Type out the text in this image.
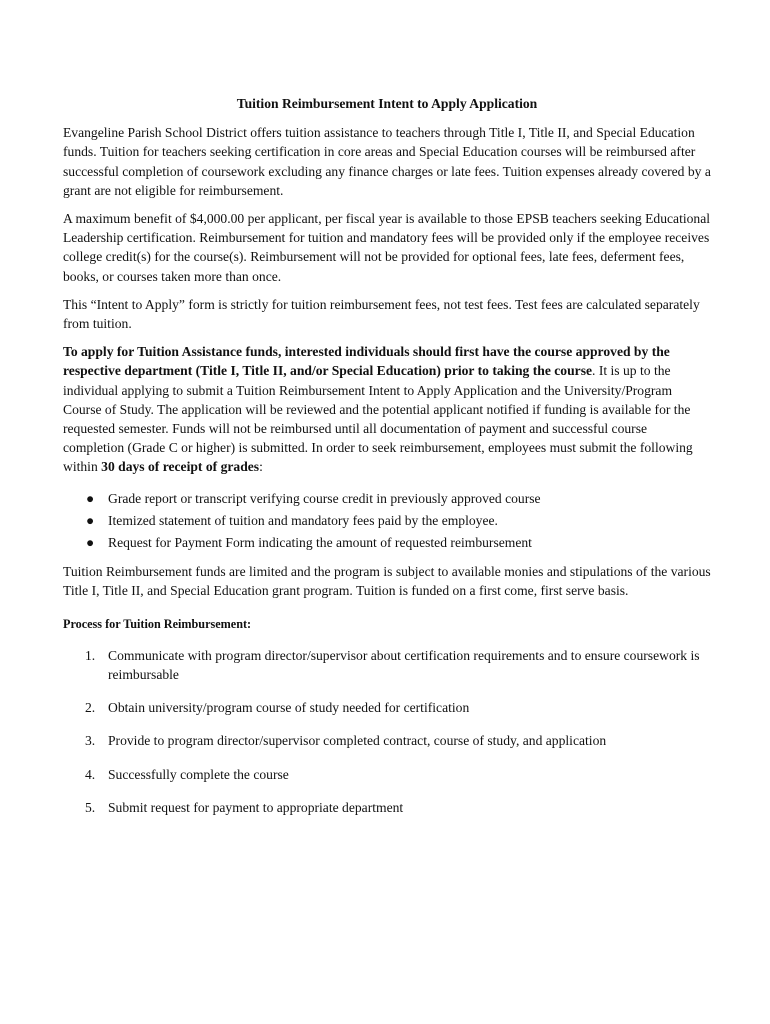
Tuition Reimbursement Intent to Apply Application

Evangeline Parish School District offers tuition assistance to teachers through Title I, Title II, and Special Education funds. Tuition for teachers seeking certification in core areas and Special Education courses will be reimbursed after successful completion of coursework excluding any finance charges or late fees. Tuition expenses already covered by a grant are not eligible for reimbursement.

A maximum benefit of $4,000.00 per applicant, per fiscal year is available to those EPSB teachers seeking Educational Leadership certification. Reimbursement for tuition and mandatory fees will be provided only if the employee receives college credit(s) for the course(s). Reimbursement will not be provided for optional fees, late fees, deferment fees, books, or courses taken more than once.

This “Intent to Apply” form is strictly for tuition reimbursement fees, not test fees. Test fees are calculated separately from tuition.

To apply for Tuition Assistance funds, interested individuals should first have the course approved by the respective department (Title I, Title II, and/or Special Education) prior to taking the course. It is up to the individual applying to submit a Tuition Reimbursement Intent to Apply Application and the University/Program Course of Study. The application will be reviewed and the potential applicant notified if funding is available for the requested semester. Funds will not be reimbursed until all documentation of payment and successful course completion (Grade C or higher) is submitted. In order to seek reimbursement, employees must submit the following within 30 days of receipt of grades:

● Grade report or transcript verifying course credit in previously approved course
● Itemized statement of tuition and mandatory fees paid by the employee.
● Request for Payment Form indicating the amount of requested reimbursement

Tuition Reimbursement funds are limited and the program is subject to available monies and stipulations of the various Title I, Title II, and Special Education grant program. Tuition is funded on a first come, first serve basis.

Process for Tuition Reimbursement:
1. Communicate with program director/supervisor about certification requirements and to ensure coursework is reimbursable
2. Obtain university/program course of study needed for certification
3. Provide to program director/supervisor completed contract, course of study, and application
4. Successfully complete the course
5. Submit request for payment to appropriate department
